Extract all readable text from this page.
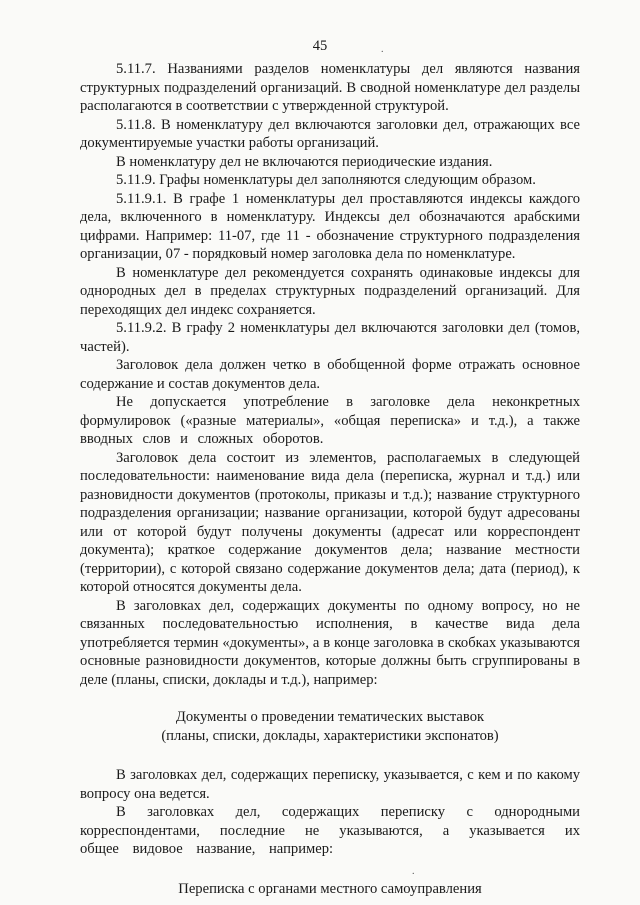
45	.

5.11.7. Названиями разделов номенклатуры дел являются названия структурных подразделений организаций. В сводной номенклатуре дел разделы располагаются в соответствии с утвержденной структурой.

5.11.8. В номенклатуру дел включаются заголовки дел, отражающих все документируемые участки работы организаций.

В номенклатуру дел не включаются периодические издания.

5.11.9. Графы номенклатуры дел заполняются следующим образом.

5.11.9.1. В графе 1 номенклатуры дел проставляются индексы каждого дела, включенного в номенклатуру. Индексы дел обозначаются арабскими цифрами. Например: 11-07, где 11 - обозначение структурного подразделения организации, 07 - порядковый номер заголовка дела по номенклатуре.

В номенклатуре дел рекомендуется сохранять одинаковые индексы для однородных дел в пределах структурных подразделений организаций. Для переходящих дел индекс сохраняется.

5.11.9.2. В графу 2 номенклатуры дел включаются заголовки дел (томов, частей).

Заголовок дела должен четко в обобщенной форме отражать основное содержание и состав документов дела.

Не допускается употребление в заголовке дела неконкретных формулировок («разные материалы», «общая переписка» и т.д.), а также вводных слов и сложных оборотов.

Заголовок дела состоит из элементов, располагаемых в следующей последовательности: наименование вида дела (переписка, журнал и т.д.) или разновидности документов (протоколы, приказы и т.д.); название структурного подразделения организации; название организации, которой будут адресованы или от которой будут получены документы (адресат или корреспондент документа); краткое содержание документов дела; название местности (территории), с которой связано содержание документов дела; дата (период), к которой относятся документы дела.

В заголовках дел, содержащих документы по одному вопросу, но не связанных последовательностью исполнения, в качестве вида дела употребляется термин «документы», а в конце заголовка в скобках указываются основные разновидности документов, которые должны быть сгруппированы в деле (планы, списки, доклады и т.д.), например:

Документы о проведении тематических выставок

(планы, списки, доклады, характеристики экспонатов)

В заголовках дел, содержащих переписку, указывается, с кем и по какому вопросу она ведется.

В заголовках дел, содержащих переписку с однородными корреспондентами, последние не указываются, а указывается их общее видовое название, например:

Переписка с органами местного самоуправления

.
